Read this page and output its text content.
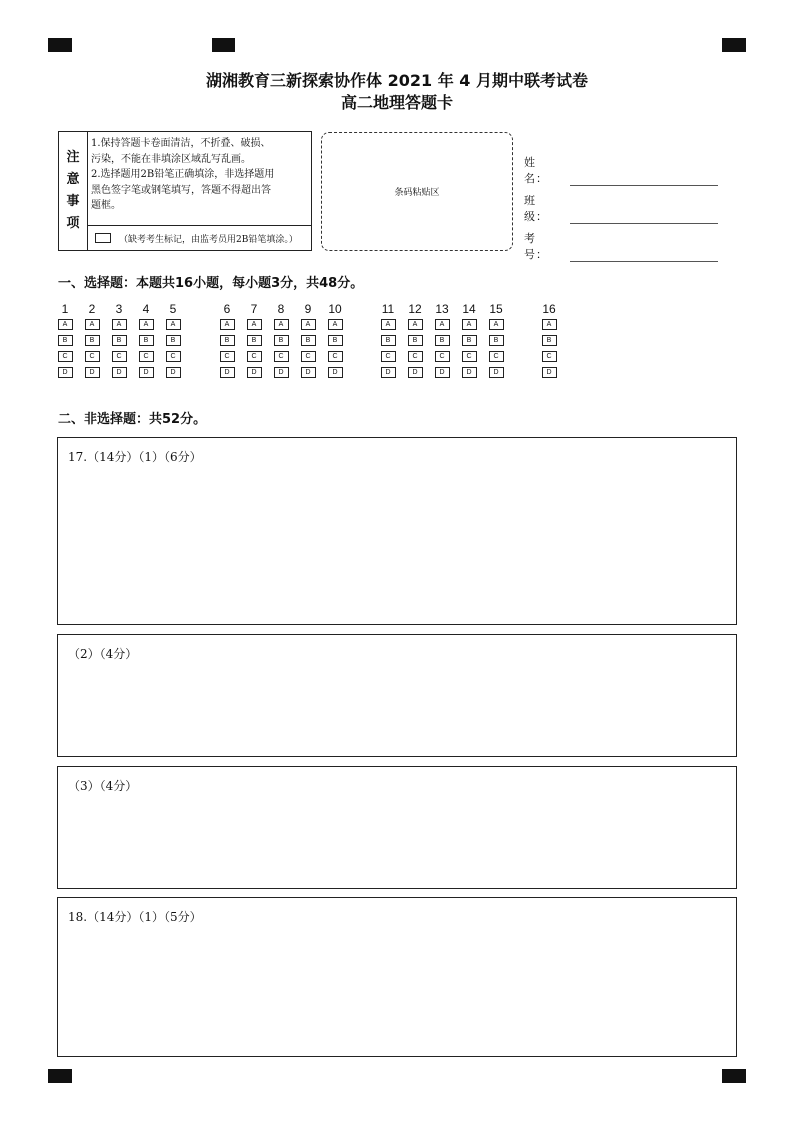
湖湘教育三新探索协作体 2021 年 4 月期中联考试卷
高二地理答题卡
注
意
事
项
1.保持答题卡卷面清洁，不折叠、破损、
污染，不能在非填涂区域乱写乱画。
2.选择题用2B铅笔正确填涂，非选择题用
黑色签字笔或钢笔填写，答题不得超出答
题框。
（缺考考生标记，由监考员用2B铅笔填涂。）
条码粘贴区
姓　名：
班　级：
考　号：
一、选择题：本题共16小题，每小题3分，共48分。
1
A
B
C
D
2
A
B
C
D
3
A
B
C
D
4
A
B
C
D
5
A
B
C
D
6
A
B
C
D
7
A
B
C
D
8
A
B
C
D
9
A
B
C
D
10
A
B
C
D
11
A
B
C
D
12
A
B
C
D
13
A
B
C
D
14
A
B
C
D
15
A
B
C
D
16
A
B
C
D
二、非选择题：共52分。
17.（14分）（1）（6分）
（2）（4分）
（3）（4分）
18.（14分）（1）（5分）
